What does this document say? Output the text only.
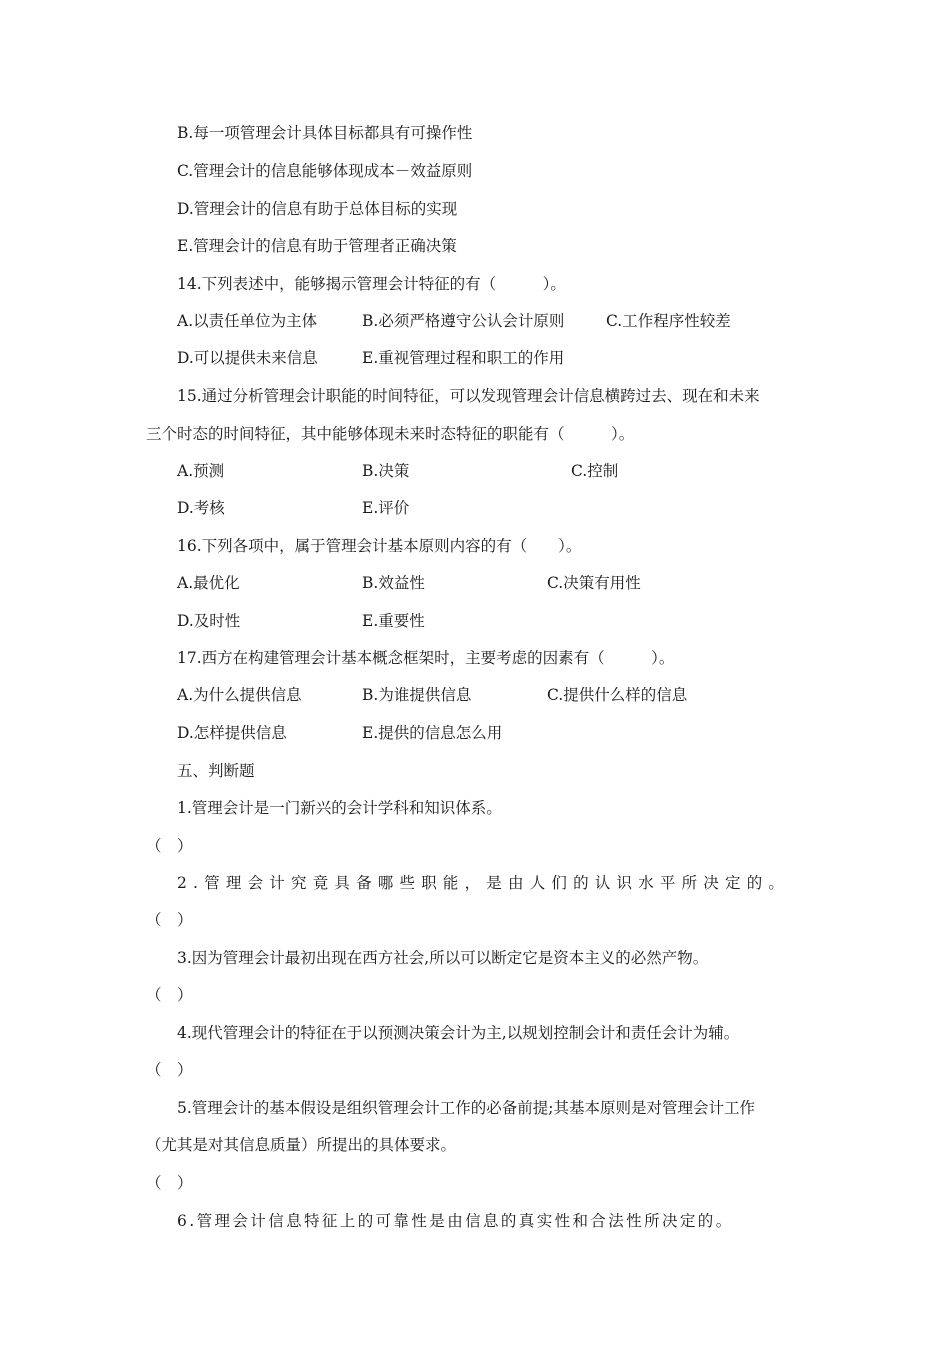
B.每一项管理会计具体目标都具有可操作性
C.管理会计的信息能够体现成本－效益原则
D.管理会计的信息有助于总体目标的实现
E.管理会计的信息有助于管理者正确决策
14.下列表述中，能够揭示管理会计特征的有（　　　）。
A.以责任单位为主体	B.必须严格遵守公认会计原则	C.工作程序性较差
D.可以提供未来信息	E.重视管理过程和职工的作用
15.通过分析管理会计职能的时间特征，可以发现管理会计信息横跨过去、现在和未来
三个时态的时间特征，其中能够体现未来时态特征的职能有（　　　）。
A.预测	B.决策	C.控制
D.考核	E.评价
16.下列各项中，属于管理会计基本原则内容的有（　　）。
A.最优化	B.效益性	C.决策有用性
D.及时性	E.重要性
17.西方在构建管理会计基本概念框架时，主要考虑的因素有（　　　）。
A.为什么提供信息	B.为谁提供信息	C.提供什么样的信息
D.怎样提供信息	E.提供的信息怎么用
五、判断题
1.管理会计是一门新兴的会计学科和知识体系。
（　）
2.管理会计究竟具备哪些职能，是由人们的认识水平所决定的。
（　）
3.因为管理会计最初出现在西方社会,所以可以断定它是资本主义的必然产物。
（　）
4.现代管理会计的特征在于以预测决策会计为主,以规划控制会计和责任会计为辅。
（　）
5.管理会计的基本假设是组织管理会计工作的必备前提;其基本原则是对管理会计工作
（尤其是对其信息质量）所提出的具体要求。
（　）
6.管理会计信息特征上的可靠性是由信息的真实性和合法性所决定的。
